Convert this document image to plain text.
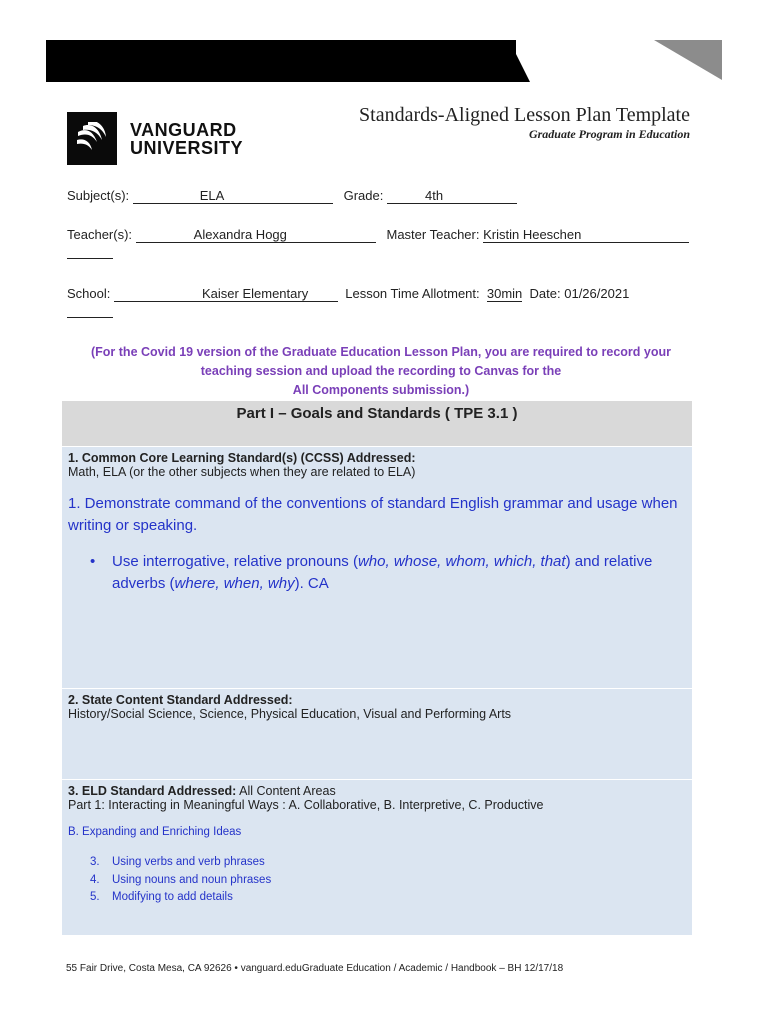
VANGUARD
UNIVERSITY
Standards-Aligned Lesson Plan Template
Graduate Program in Education
Subject(s):	ELA	Grade:	4th
Teacher(s):	Alexandra Hogg	Master Teacher: Kristin Heeschen
School:	Kaiser Elementary	Lesson Time Allotment: 30min Date: 01/26/2021
(For the Covid 19 version of the Graduate Education Lesson Plan, you are required to record your
teaching session and upload the recording to Canvas for the
All Components submission.)
Part I – Goals and Standards ( TPE 3.1 )
1. Common Core Learning Standard(s) (CCSS) Addressed:
Math, ELA (or the other subjects when they are related to ELA)
1. Demonstrate command of the conventions of standard English grammar and usage when writing or speaking.
• Use interrogative, relative pronouns (who, whose, whom, which, that) and relative adverbs (where, when, why). CA
2. State Content Standard Addressed:
History/Social Science, Science, Physical Education, Visual and Performing Arts
3. ELD Standard Addressed: All Content Areas
Part 1: Interacting in Meaningful Ways : A. Collaborative, B. Interpretive, C. Productive
B. Expanding and Enriching Ideas
3. Using verbs and verb phrases
4. Using nouns and noun phrases
5. Modifying to add details
55 Fair Drive, Costa Mesa, CA 92626 • vanguard.eduGraduate Education / Academic / Handbook – BH 12/17/18
